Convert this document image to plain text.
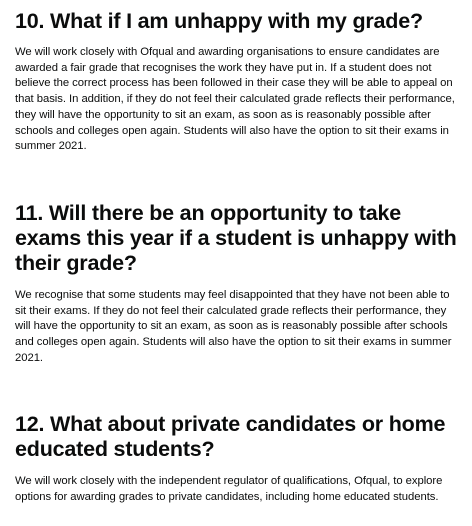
10. What if I am unhappy with my grade?

We will work closely with Ofqual and awarding organisations to ensure candidates are awarded a fair grade that recognises the work they have put in. If a student does not believe the correct process has been followed in their case they will be able to appeal on that basis. In addition, if they do not feel their calculated grade reflects their performance, they will have the opportunity to sit an exam, as soon as is reasonably possible after schools and colleges open again. Students will also have the option to sit their exams in summer 2021.

11. Will there be an opportunity to take exams this year if a student is unhappy with their grade?

We recognise that some students may feel disappointed that they have not been able to sit their exams. If they do not feel their calculated grade reflects their performance, they will have the opportunity to sit an exam, as soon as is reasonably possible after schools and colleges open again. Students will also have the option to sit their exams in summer 2021.

12. What about private candidates or home educated students?

We will work closely with the independent regulator of qualifications, Ofqual, to explore options for awarding grades to private candidates, including home educated students.
